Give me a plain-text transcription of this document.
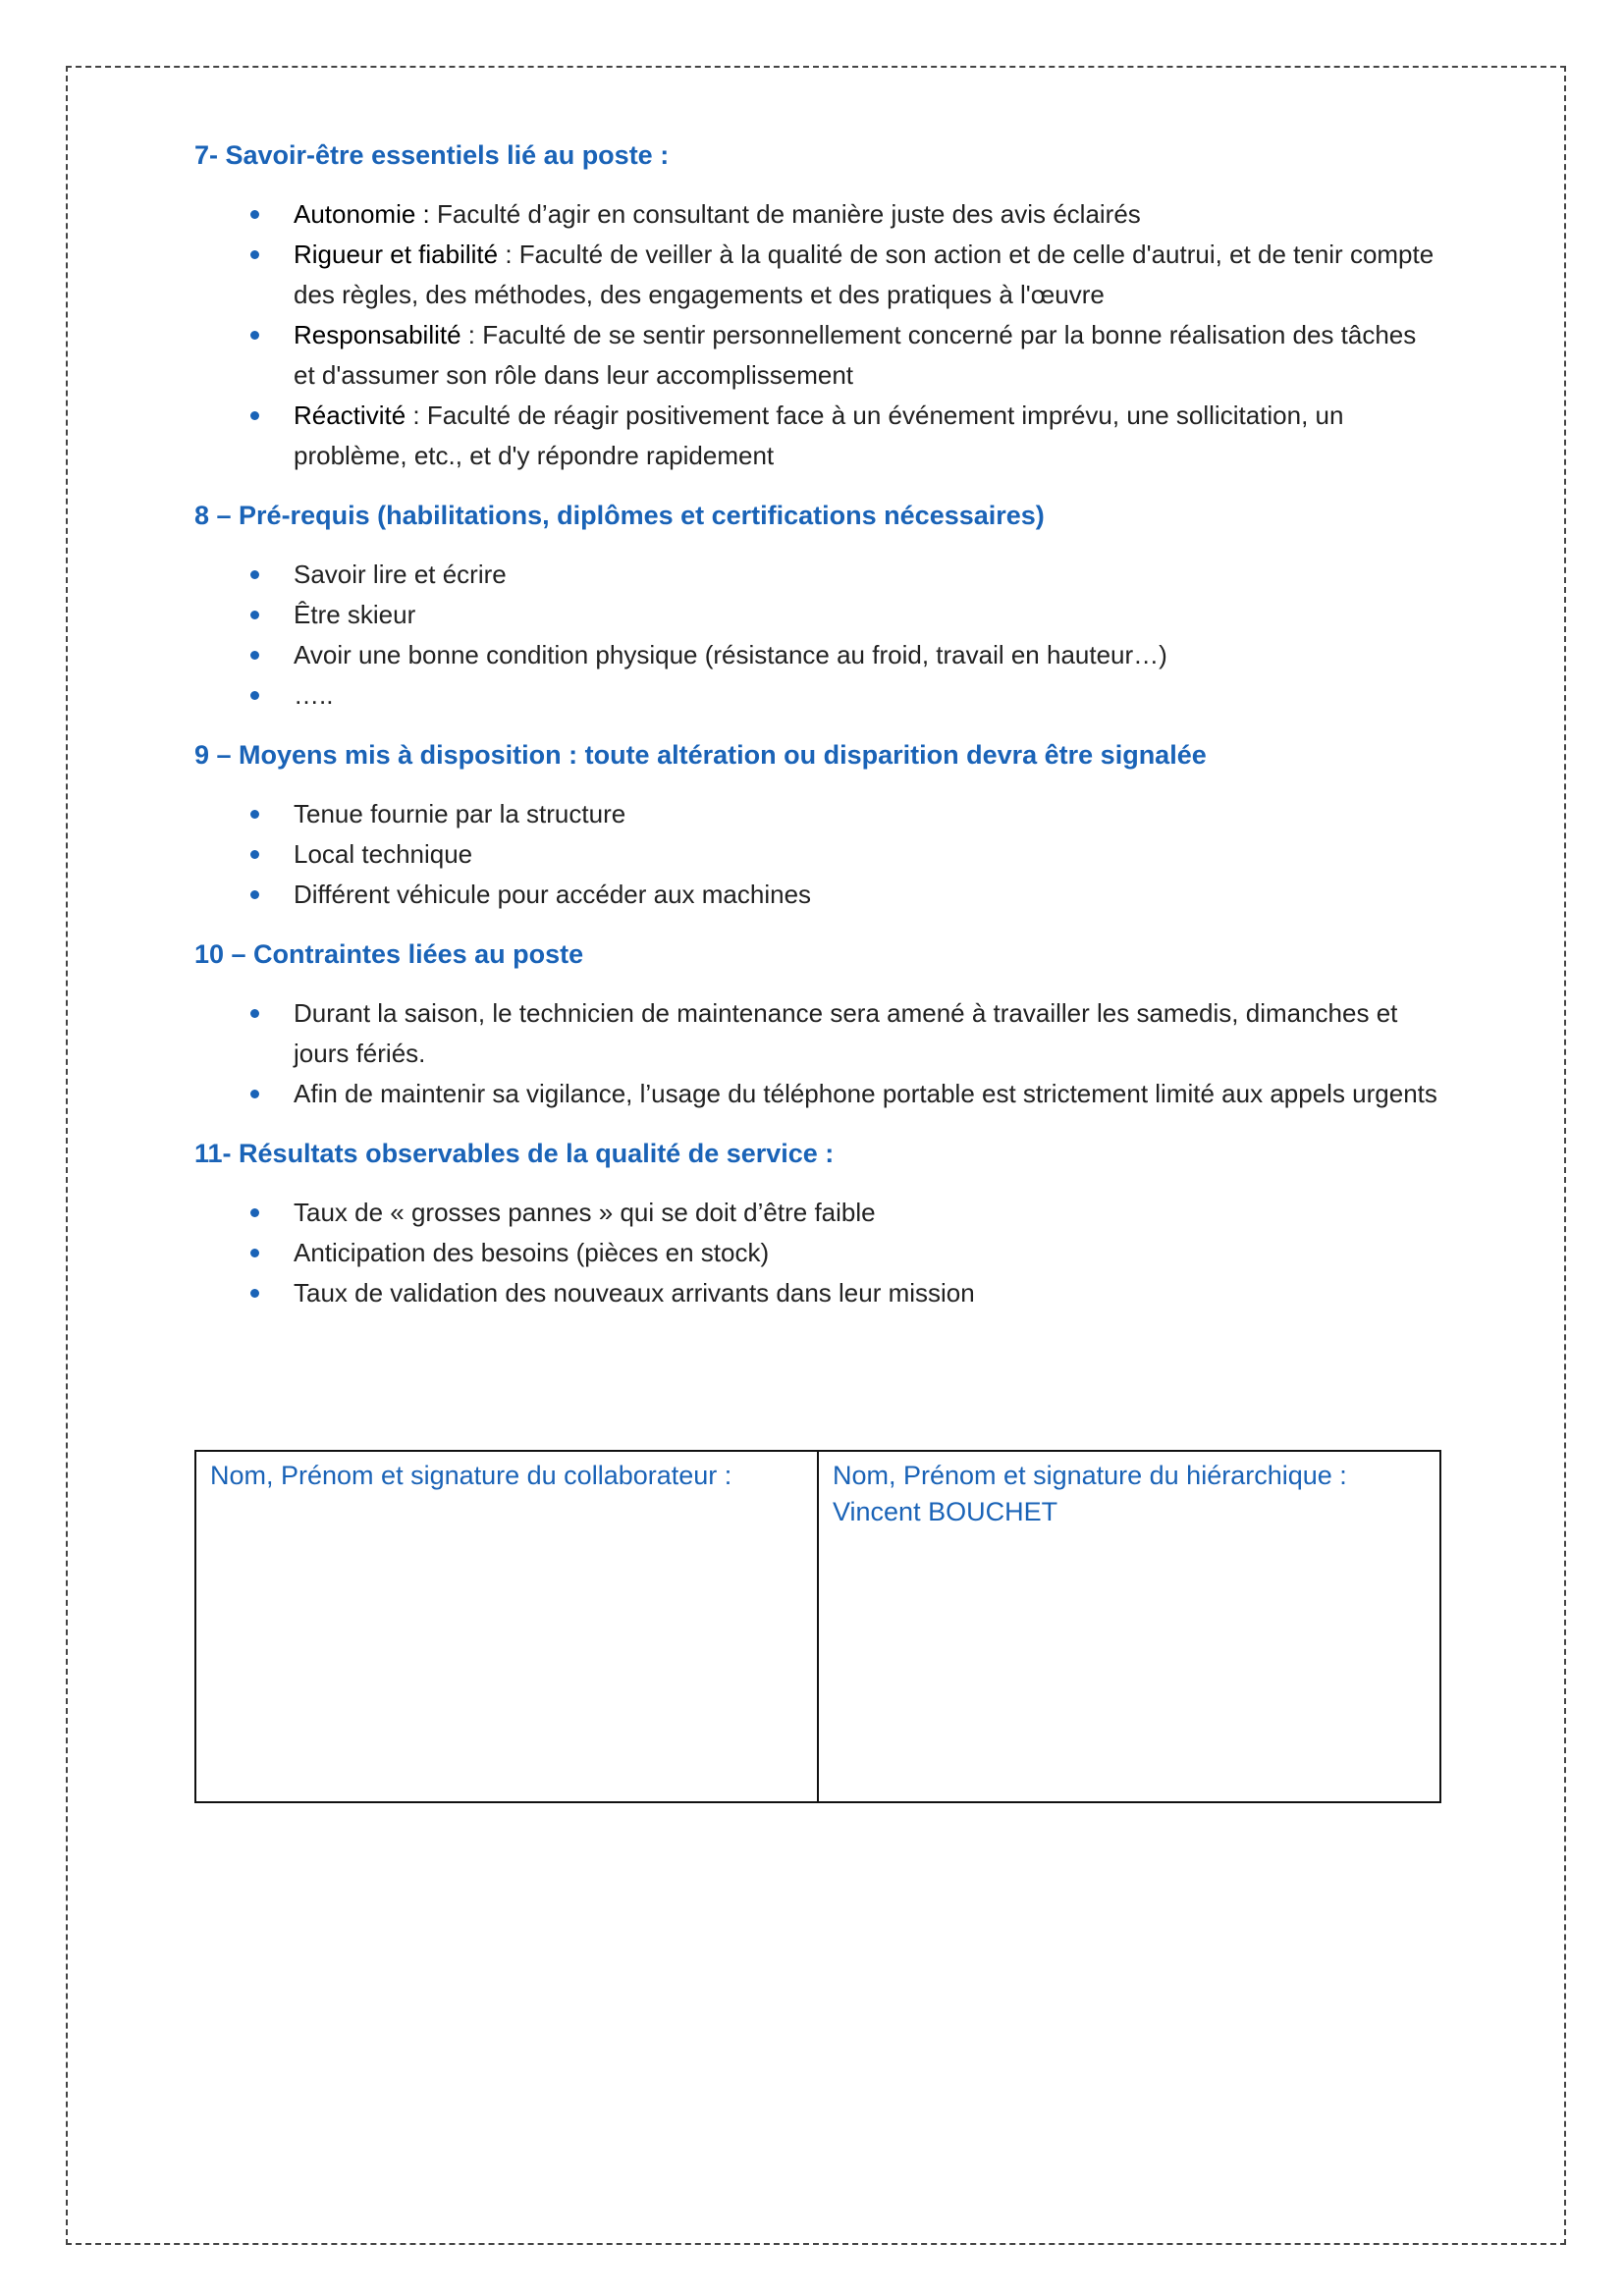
7- Savoir-être essentiels lié au poste :
Autonomie : Faculté d’agir en consultant de manière juste des avis éclairés
Rigueur et fiabilité : Faculté de veiller à la qualité de son action et de celle d'autrui, et de tenir compte des règles, des méthodes, des engagements et des pratiques à l'œuvre
Responsabilité : Faculté de se sentir personnellement concerné par la bonne réalisation des tâches et d'assumer son rôle dans leur accomplissement
Réactivité : Faculté de réagir positivement face à un événement imprévu, une sollicitation, un problème, etc., et d'y répondre rapidement
8 – Pré-requis (habilitations, diplômes et certifications nécessaires)
Savoir lire et écrire
Être skieur
Avoir une bonne condition physique (résistance au froid, travail en hauteur…)
…..
9 – Moyens mis à disposition : toute altération ou disparition devra être signalée
Tenue fournie par la structure
Local technique
Différent véhicule pour accéder aux machines
10 – Contraintes liées au poste
Durant la saison, le technicien de maintenance sera amené à travailler les samedis, dimanches et jours fériés.
Afin de maintenir sa vigilance, l’usage du téléphone portable est strictement limité aux appels urgents
11- Résultats observables de la qualité de service :
Taux de « grosses pannes » qui se doit d’être faible
Anticipation des besoins (pièces en stock)
Taux de validation des nouveaux arrivants dans leur mission
Nom, Prénom et signature du collaborateur :	Nom, Prénom et signature du hiérarchique :
Vincent BOUCHET
